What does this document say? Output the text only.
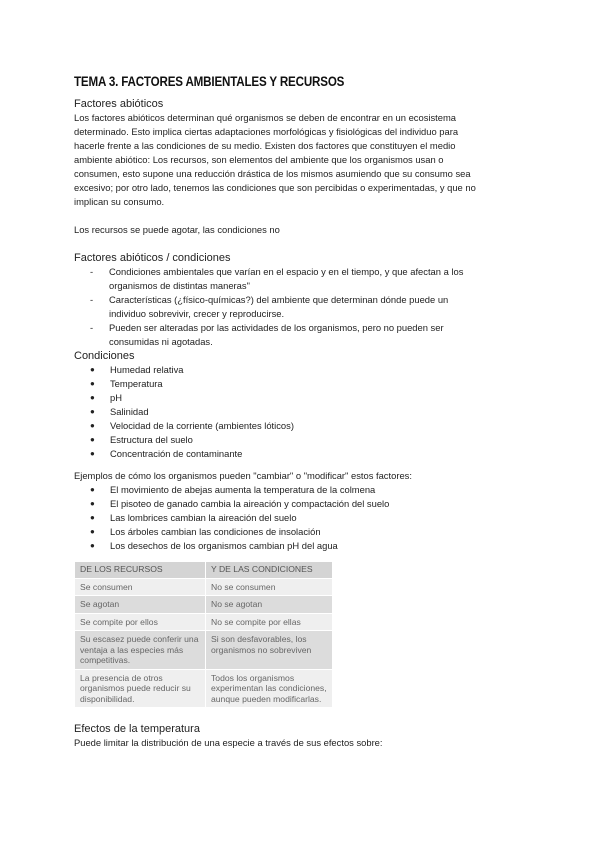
TEMA 3. FACTORES AMBIENTALES Y RECURSOS
Factores abióticos

Los factores abióticos determinan qué organismos se deben de encontrar en un ecosistema

determinado. Esto implica ciertas adaptaciones morfológicas y fisiológicas del individuo para

hacerle frente a las condiciones de su medio. Existen dos factores que constituyen el medio

ambiente abiótico: Los recursos, son elementos del ambiente que los organismos usan o

consumen, esto supone una reducción drástica de los mismos asumiendo que su consumo sea

excesivo; por otro lado, tenemos las condiciones que son percibidas o experimentadas, y que no

implican su consumo.

Los recursos se puede agotar, las condiciones no

Factores abióticos / condiciones
- Condiciones ambientales que varían en el espacio y en el tiempo, y que afectan a los
organismos de distintas maneras"
- Características (¿físico-químicas?) del ambiente que determinan dónde puede un
individuo sobrevivir, crecer y reproducirse.
- Pueden ser alteradas por las actividades de los organismos, pero no pueden ser
consumidas ni agotadas.
Condiciones
● Humedad relativa
● Temperatura
● pH
● Salinidad
● Velocidad de la corriente (ambientes lóticos)
● Estructura del suelo
● Concentración de contaminante

Ejemplos de cómo los organismos pueden "cambiar" o "modificar" estos factores:

● El movimiento de abejas aumenta la temperatura de la colmena
● El pisoteo de ganado cambia la aireación y compactación del suelo
● Las lombrices cambian la aireación del suelo
● Los árboles cambian las condiciones de insolación
● Los desechos de los organismos cambian pH del agua
DE LOS RECURSOS	Y DE LAS CONDICIONES
Se consumen	No se consumen
Se agotan	No se agotan
Se compite por ellos	No se compite por ellas
Su escasez puede conferir una ventaja a las especies más competitivas.	Si son desfavorables, los organismos no sobreviven
La presencia de otros organismos puede reducir su disponibilidad.	Todos los organismos experimentan las condiciones, aunque pueden modificarlas.
Efectos de la temperatura

Puede limitar la distribución de una especie a través de sus efectos sobre:
